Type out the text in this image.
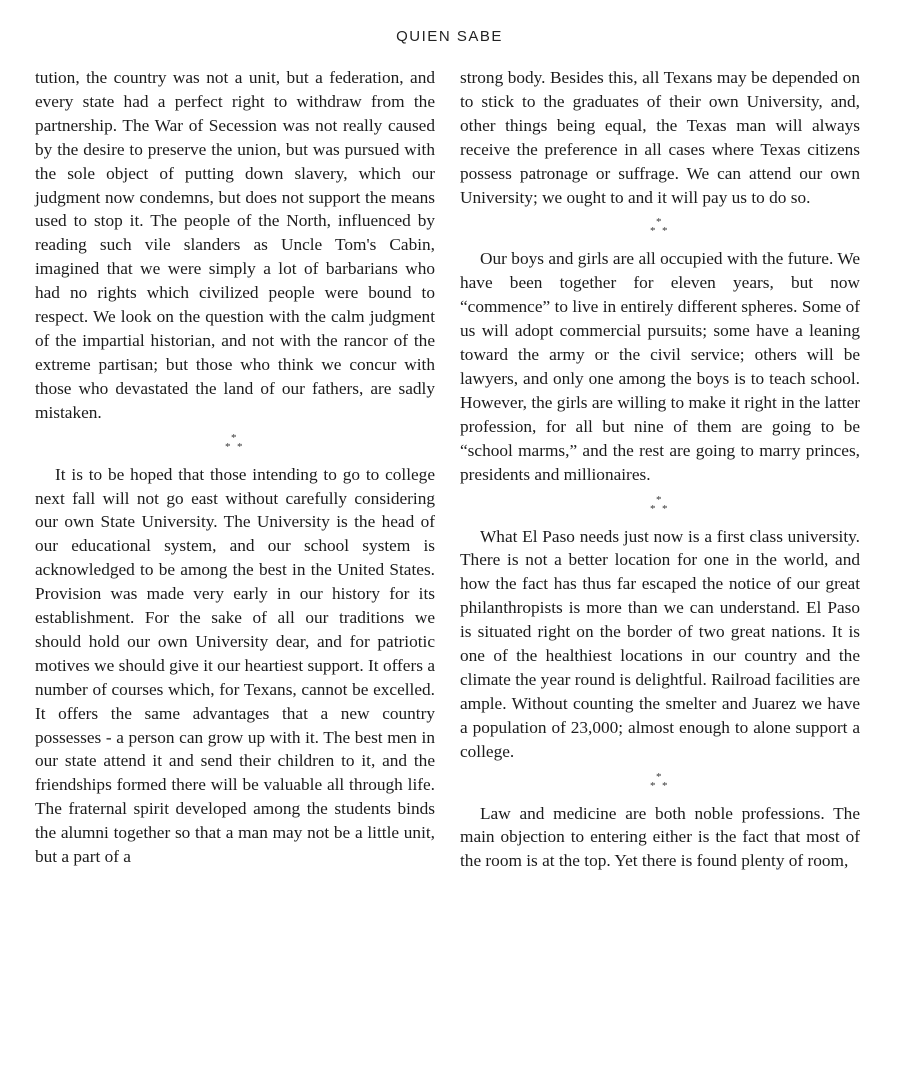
QUIEN SABE

tution, the country was not a unit, but a federation, and every state had a perfect right to withdraw from the partnership. The War of Secession was not really caused by the desire to preserve the union, but was pursued with the sole object of putting down slavery, which our judgment now condemns, but does not support the means used to stop it. The people of the North, influenced by reading such vile slanders as Uncle Tom's Cabin, imagined that we were simply a lot of barbarians who had no rights which civilized people were bound to respect. We look on the question with the calm judgment of the impartial historian, and not with the rancor of the extreme partisan; but those who think we concur with those who devastated the land of our fathers, are sadly mistaken.

*
* *

It is to be hoped that those intending to go to college next fall will not go east without carefully considering our own State University. The University is the head of our educational system, and our school system is acknowledged to be among the best in the United States. Provision was made very early in our history for its establishment. For the sake of all our traditions we should hold our own University dear, and for patriotic motives we should give it our heartiest support. It offers a number of courses which, for Texans, cannot be excelled. It offers the same advantages that a new country possesses - a person can grow up with it. The best men in our state attend it and send their children to it, and the friendships formed there will be valuable all through life. The fraternal spirit developed among the students binds the alumni together so that a man may not be a little unit, but a part of a

strong body. Besides this, all Texans may be depended on to stick to the graduates of their own University, and, other things being equal, the Texas man will always receive the preference in all cases where Texas citizens possess patronage or suffrage. We can attend our own University; we ought to and it will pay us to do so.

*
* *

Our boys and girls are all occupied with the future. We have been together for eleven years, but now “commence” to live in entirely different spheres. Some of us will adopt commercial pursuits; some have a leaning toward the army or the civil service; others will be lawyers, and only one among the boys is to teach school. However, the girls are willing to make it right in the latter profession, for all but nine of them are going to be “school marms,” and the rest are going to marry princes, presidents and millionaires.

*
* *

What El Paso needs just now is a first class university. There is not a better location for one in the world, and how the fact has thus far escaped the notice of our great philanthropists is more than we can understand. El Paso is situated right on the border of two great nations. It is one of the healthiest locations in our country and the climate the year round is delightful. Railroad facilities are ample. Without counting the smelter and Juarez we have a population of 23,000; almost enough to alone support a college.

*
* *

Law and medicine are both noble professions. The main objection to entering either is the fact that most of the room is at the top. Yet there is found plenty of room,
